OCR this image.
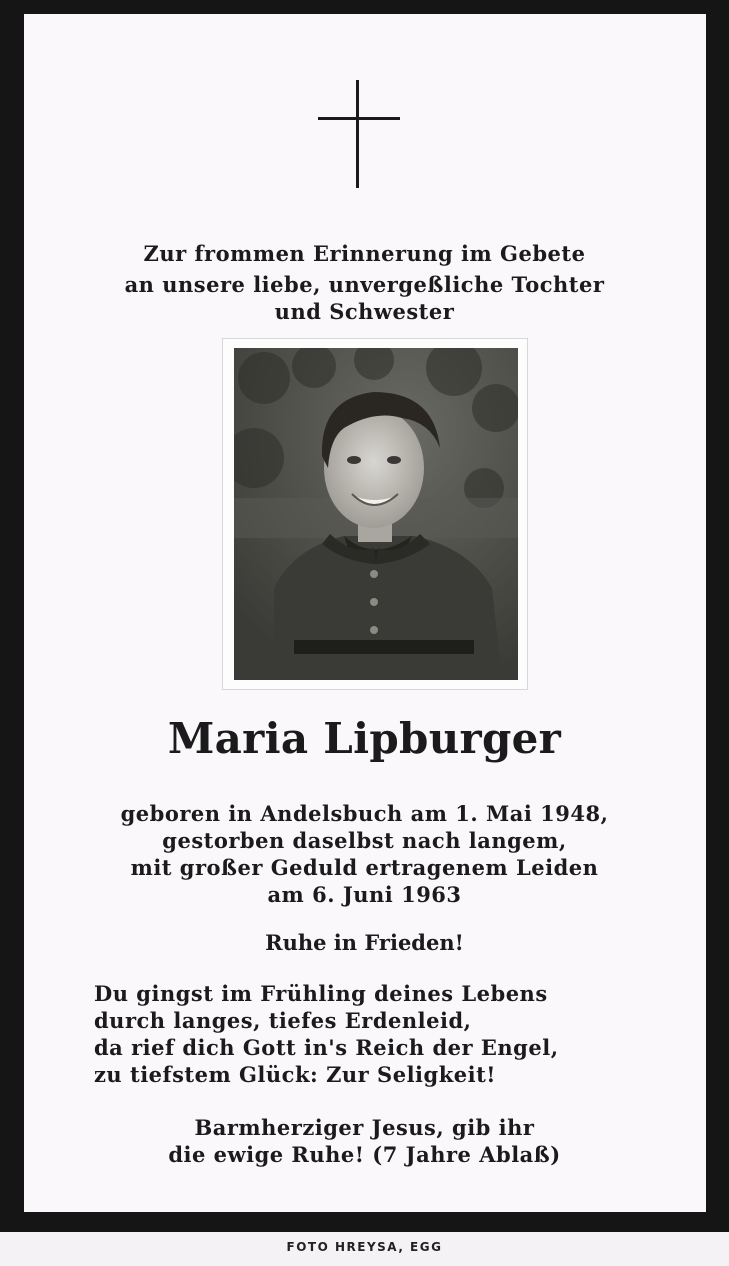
Zur frommen Erinnerung im Gebete
an unsere liebe, unvergeßliche Tochter
und Schwester
Maria Lipburger
geboren in Andelsbuch am 1. Mai 1948,
gestorben daselbst nach langem,
mit großer Geduld ertragenem Leiden
am 6. Juni 1963
Ruhe in Frieden!
Du gingst im Frühling deines Lebens
durch langes, tiefes Erdenleid,
da rief dich Gott in's Reich der Engel,
zu tiefstem Glück: Zur Seligkeit!
Barmherziger Jesus, gib ihr
die ewige Ruhe! (7 Jahre Ablaß)
FOTO HREYSA, EGG
